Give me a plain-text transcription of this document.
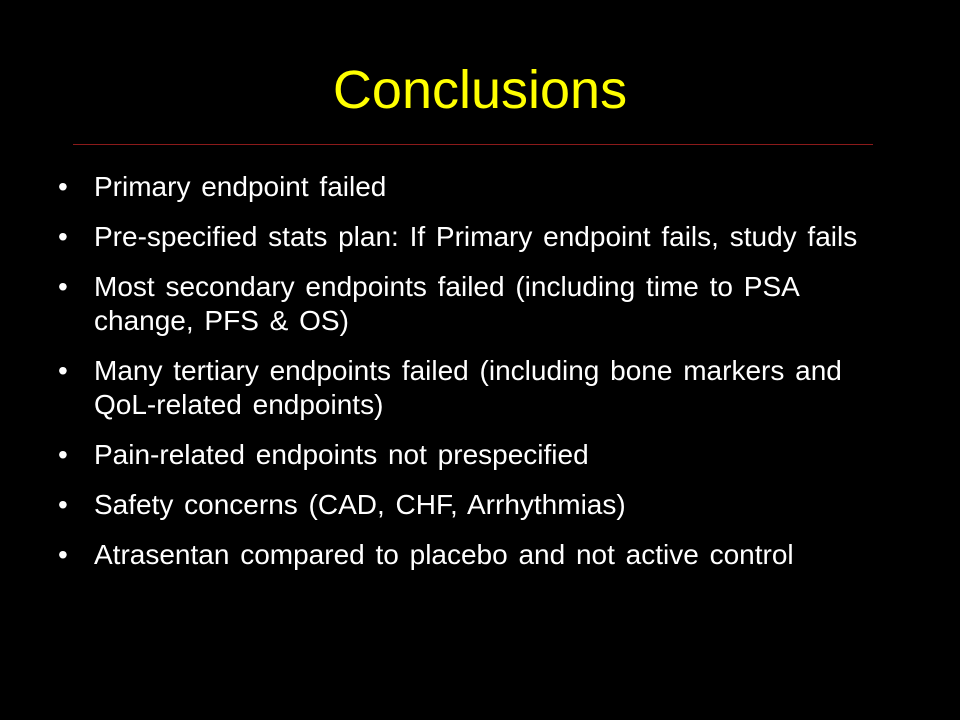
Conclusions
• Primary endpoint failed
• Pre-specified stats plan: If Primary endpoint fails, study fails
• Most secondary endpoints failed (including time to PSA change, PFS & OS)
• Many tertiary endpoints failed (including bone markers and QoL-related endpoints)
• Pain-related endpoints not prespecified
• Safety concerns (CAD, CHF, Arrhythmias)
• Atrasentan compared to placebo and not active control
